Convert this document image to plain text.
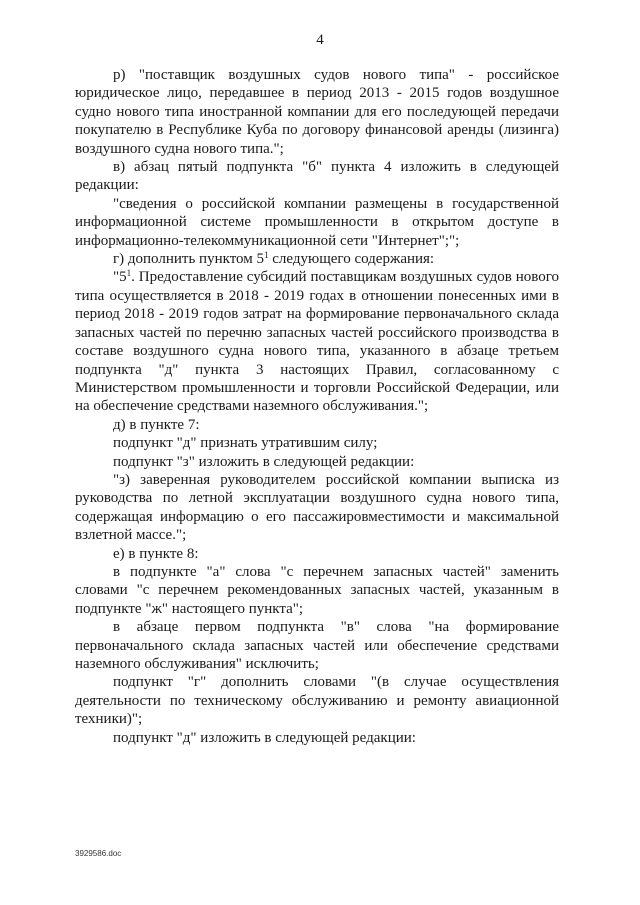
4

р) "поставщик воздушных судов нового типа" - российское юридическое лицо, передавшее в период 2013 - 2015 годов воздушное судно нового типа иностранной компании для его последующей передачи покупателю в Республике Куба по договору финансовой аренды (лизинга) воздушного судна нового типа.";

в) абзац пятый подпункта "б" пункта 4 изложить в следующей редакции:

"сведения о российской компании размещены в государственной информационной системе промышленности в открытом доступе в информационно-телекоммуникационной сети "Интернет";";

г) дополнить пунктом $5^1$ следующего содержания:

"$5^1$. Предоставление субсидий поставщикам воздушных судов нового типа осуществляется в 2018 - 2019 годах в отношении понесенных ими в период 2018 - 2019 годов затрат на формирование первоначального склада запасных частей по перечню запасных частей российского производства в составе воздушного судна нового типа, указанного в абзаце третьем подпункта "д" пункта 3 настоящих Правил, согласованному с Министерством промышленности и торговли Российской Федерации, или на обеспечение средствами наземного обслуживания.";

д) в пункте 7:

подпункт "д" признать утратившим силу;

подпункт "з" изложить в следующей редакции:

"з) заверенная руководителем российской компании выписка из руководства по летной эксплуатации воздушного судна нового типа, содержащая информацию о его пассажировместимости и максимальной взлетной массе.";

е) в пункте 8:

в подпункте "а" слова "с перечнем запасных частей" заменить словами "с перечнем рекомендованных запасных частей, указанным в подпункте "ж" настоящего пункта";

в абзаце первом подпункта "в" слова "на формирование первоначального склада запасных частей или обеспечение средствами наземного обслуживания" исключить;

подпункт "г" дополнить словами "(в случае осуществления деятельности по техническому обслуживанию и ремонту авиационной техники)";

подпункт "д" изложить в следующей редакции:

3929586.doc
